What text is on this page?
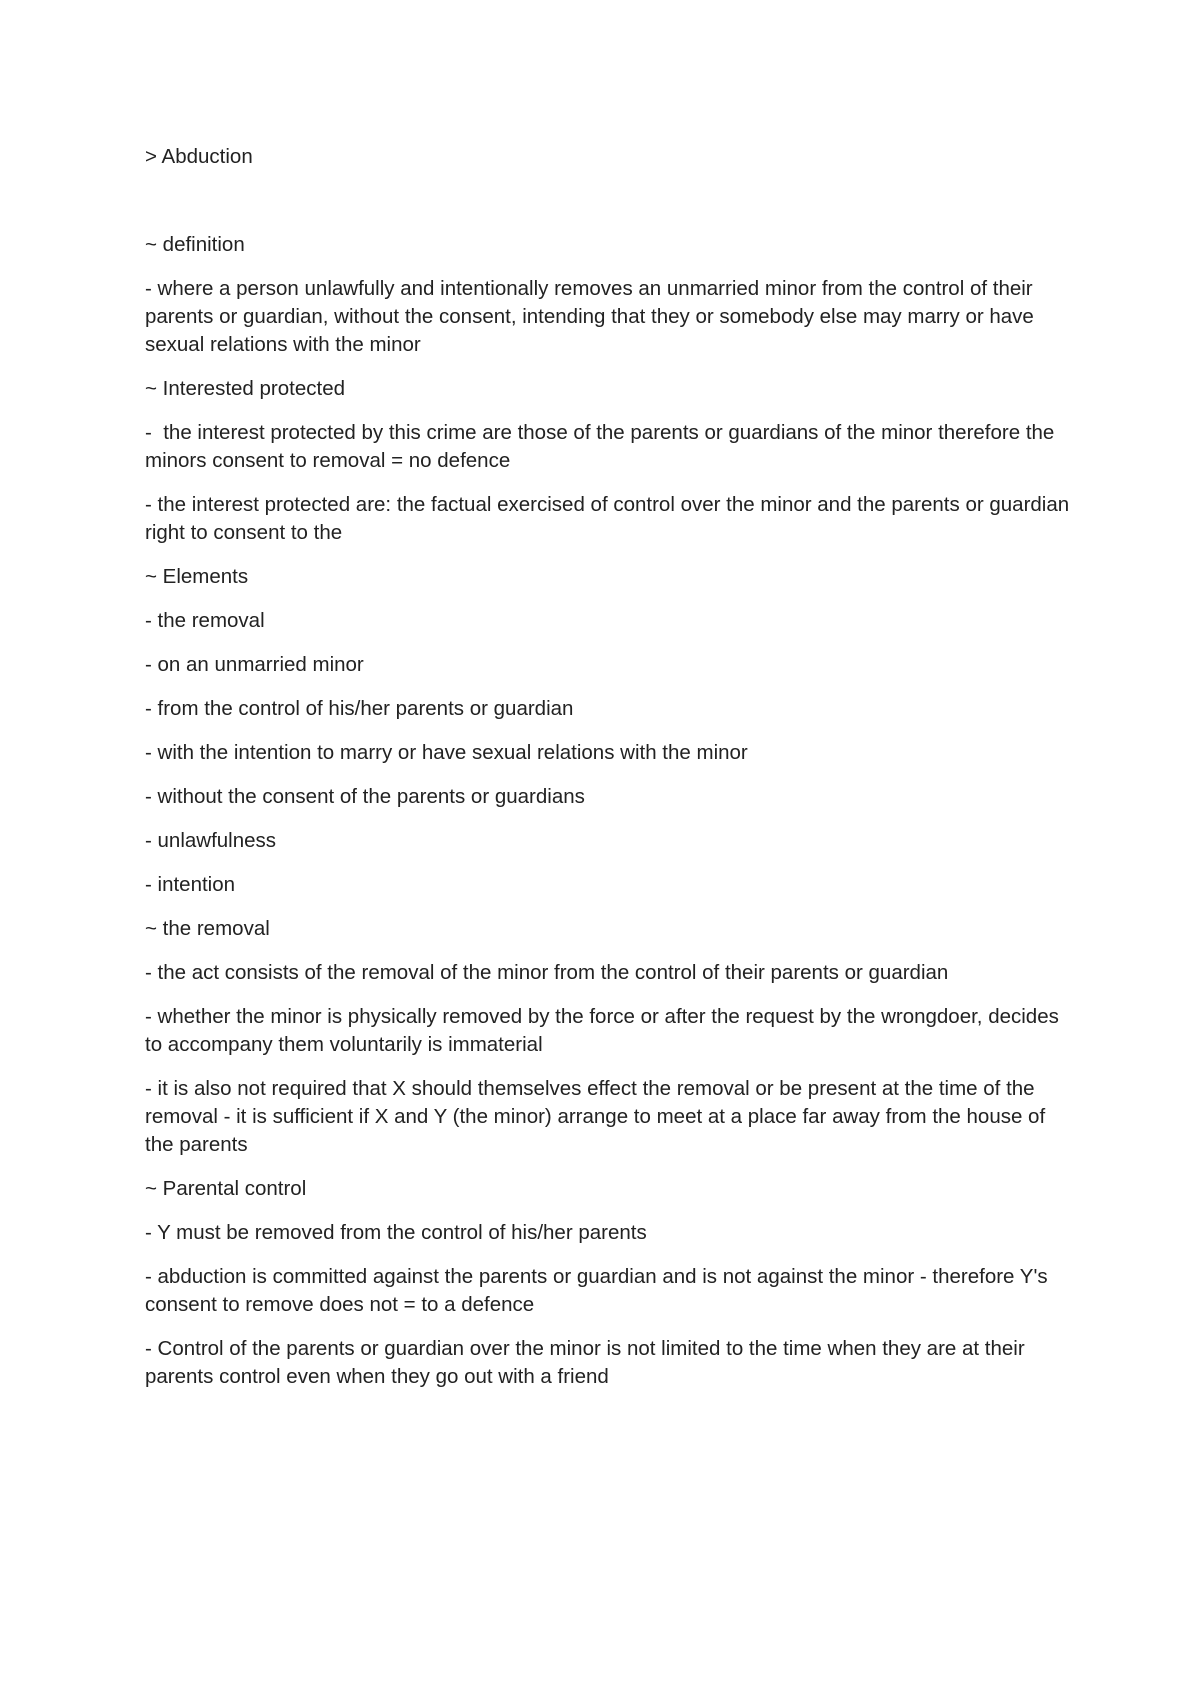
> Abduction

~ definition

- where a person unlawfully and intentionally removes an unmarried minor from the control of their parents or guardian, without the consent, intending that they or somebody else may marry or have sexual relations with the minor

~ Interested protected

-  the interest protected by this crime are those of the parents or guardians of the minor therefore the minors consent to removal = no defence

- the interest protected are: the factual exercised of control over the minor and the parents or guardian right to consent to the

~ Elements

- the removal

- on an unmarried minor

- from the control of his/her parents or guardian

- with the intention to marry or have sexual relations with the minor

- without the consent of the parents or guardians

- unlawfulness

- intention

~ the removal

- the act consists of the removal of the minor from the control of their parents or guardian

- whether the minor is physically removed by the force or after the request by the wrongdoer, decides to accompany them voluntarily is immaterial

- it is also not required that X should themselves effect the removal or be present at the time of the removal - it is sufficient if X and Y (the minor) arrange to meet at a place far away from the house of the parents

~ Parental control

- Y must be removed from the control of his/her parents

- abduction is committed against the parents or guardian and is not against the minor - therefore Y's consent to remove does not = to a defence

- Control of the parents or guardian over the minor is not limited to the time when they are at their parents control even when they go out with a friend
